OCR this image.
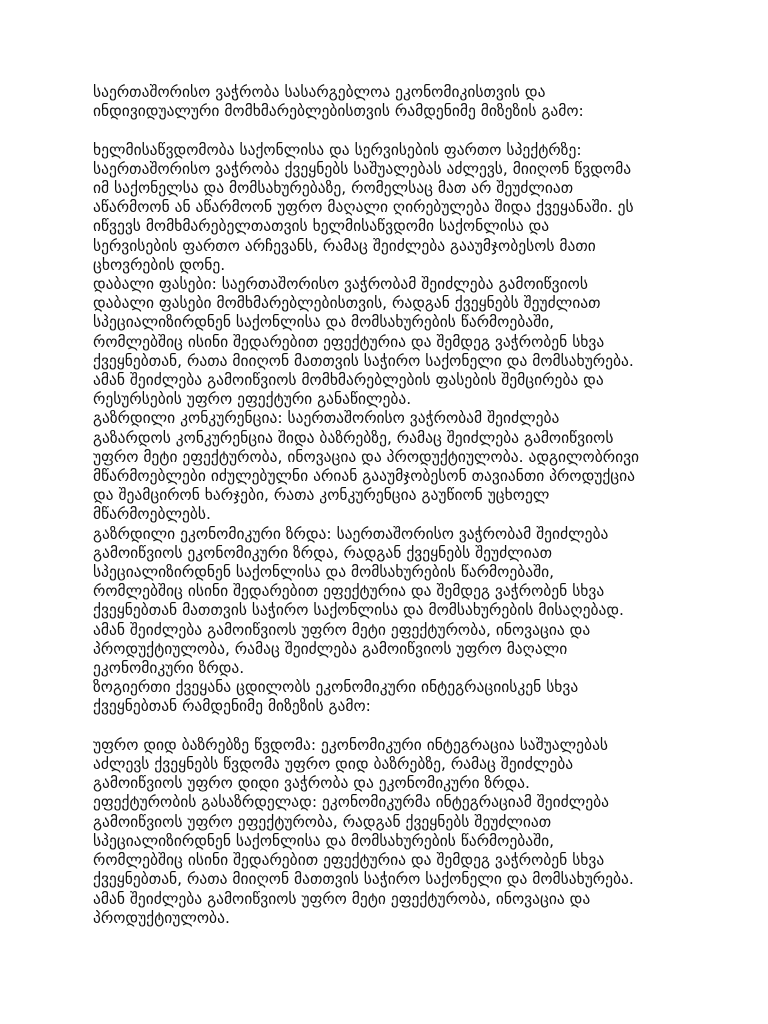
საერთაშორისო ვაჭრობა სასარგებლოა ეკონომიკისთვის და
ინდივიდუალური მომხმარებლებისთვის რამდენიმე მიზეზის გამო:
ხელმისაწვდომობა საქონლისა და სერვისების ფართო სპექტრზე:
საერთაშორისო ვაჭრობა ქვეყნებს საშუალებას აძლევს, მიიღონ წვდომა
იმ საქონელსა და მომსახურებაზე, რომელსაც მათ არ შეუძლიათ
აწარმოონ ან აწარმოონ უფრო მაღალი ღირებულება შიდა ქვეყანაში. ეს
იწვევს მომხმარებელთათვის ხელმისაწვდომი საქონლისა და
სერვისების ფართო არჩევანს, რამაც შეიძლება გააუმჯობესოს მათი
ცხოვრების დონე.
დაბალი ფასები: საერთაშორისო ვაჭრობამ შეიძლება გამოიწვიოს
დაბალი ფასები მომხმარებლებისთვის, რადგან ქვეყნებს შეუძლიათ
სპეციალიზირდნენ საქონლისა და მომსახურების წარმოებაში,
რომლებშიც ისინი შედარებით ეფექტურია და შემდეგ ვაჭრობენ სხვა
ქვეყნებთან, რათა მიიღონ მათთვის საჭირო საქონელი და მომსახურება.
ამან შეიძლება გამოიწვიოს მომხმარებლების ფასების შემცირება და
რესურსების უფრო ეფექტური განაწილება.
გაზრდილი კონკურენცია: საერთაშორისო ვაჭრობამ შეიძლება
გაზარდოს კონკურენცია შიდა ბაზრებზე, რამაც შეიძლება გამოიწვიოს
უფრო მეტი ეფექტურობა, ინოვაცია და პროდუქტიულობა. ადგილობრივი
მწარმოებლები იძულებულნი არიან გააუმჯობესონ თავიანთი პროდუქცია
და შეამცირონ ხარჯები, რათა კონკურენცია გაუწიონ უცხოელ
მწარმოებლებს.
გაზრდილი ეკონომიკური ზრდა: საერთაშორისო ვაჭრობამ შეიძლება
გამოიწვიოს ეკონომიკური ზრდა, რადგან ქვეყნებს შეუძლიათ
სპეციალიზირდნენ საქონლისა და მომსახურების წარმოებაში,
რომლებშიც ისინი შედარებით ეფექტურია და შემდეგ ვაჭრობენ სხვა
ქვეყნებთან მათთვის საჭირო საქონლისა და მომსახურების მისაღებად.
ამან შეიძლება გამოიწვიოს უფრო მეტი ეფექტურობა, ინოვაცია და
პროდუქტიულობა, რამაც შეიძლება გამოიწვიოს უფრო მაღალი
ეკონომიკური ზრდა.
ზოგიერთი ქვეყანა ცდილობს ეკონომიკური ინტეგრაციისკენ სხვა
ქვეყნებთან რამდენიმე მიზეზის გამო:
უფრო დიდ ბაზრებზე წვდომა: ეკონომიკური ინტეგრაცია საშუალებას
აძლევს ქვეყნებს წვდომა უფრო დიდ ბაზრებზე, რამაც შეიძლება
გამოიწვიოს უფრო დიდი ვაჭრობა და ეკონომიკური ზრდა.
ეფექტურობის გასაზრდელად: ეკონომიკურმა ინტეგრაციამ შეიძლება
გამოიწვიოს უფრო ეფექტურობა, რადგან ქვეყნებს შეუძლიათ
სპეციალიზირდნენ საქონლისა და მომსახურების წარმოებაში,
რომლებშიც ისინი შედარებით ეფექტურია და შემდეგ ვაჭრობენ სხვა
ქვეყნებთან, რათა მიიღონ მათთვის საჭირო საქონელი და მომსახურება.
ამან შეიძლება გამოიწვიოს უფრო მეტი ეფექტურობა, ინოვაცია და
პროდუქტიულობა.
